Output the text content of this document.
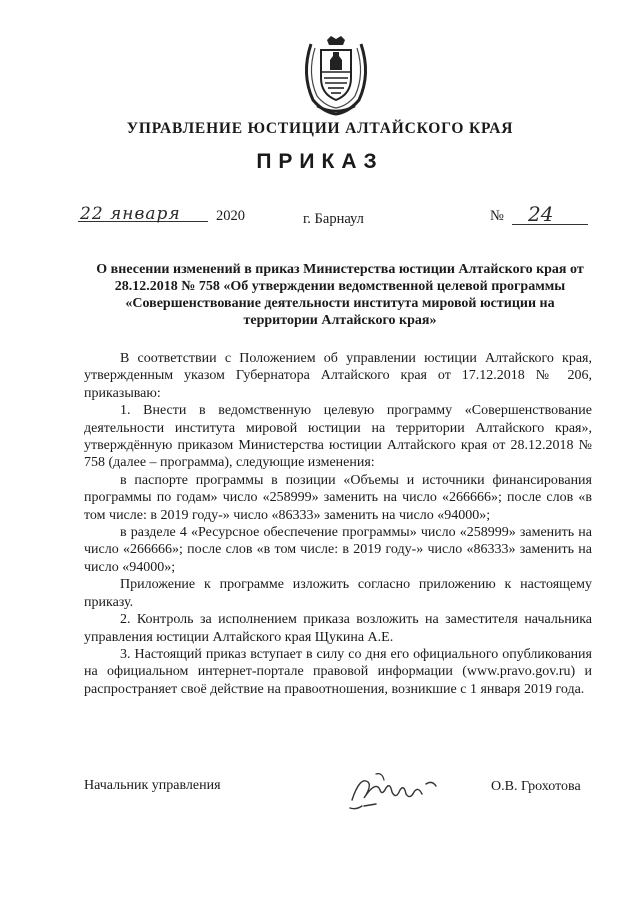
УПРАВЛЕНИЕ ЮСТИЦИИ АЛТАЙСКОГО КРАЯ
ПРИКАЗ
22 января 2020	г. Барнаул	№ 24
О внесении изменений в приказ Министерства юстиции Алтайского края от 28.12.2018 № 758 «Об утверждении ведомственной целевой программы «Совершенствование деятельности института мировой юстиции на территории Алтайского края»

В соответствии с Положением об управлении юстиции Алтайского края, утвержденным указом Губернатора Алтайского края от 17.12.2018 № 206, приказываю:

1. Внести в ведомственную целевую программу «Совершенствование деятельности института мировой юстиции на территории Алтайского края», утверждённую приказом Министерства юстиции Алтайского края от 28.12.2018 № 758 (далее – программа), следующие изменения:

в паспорте программы в позиции «Объемы и источники финансирования программы по годам» число «258999» заменить на число «266666»; после слов «в том числе: в 2019 году-» число «86333» заменить на число «94000»;

в разделе 4 «Ресурсное обеспечение программы» число «258999» заменить на число «266666»; после слов «в том числе: в 2019 году-» число «86333» заменить на число «94000»;

Приложение к программе изложить согласно приложению к настоящему приказу.

2. Контроль за исполнением приказа возложить на заместителя начальника управления юстиции Алтайского края Щукина А.Е.

3. Настоящий приказ вступает в силу со дня его официального опубликования на официальном интернет-портале правовой информации (www.pravo.gov.ru) и распространяет своё действие на правоотношения, возникшие с 1 января 2019 года.

Начальник управления	О.В. Грохотова
